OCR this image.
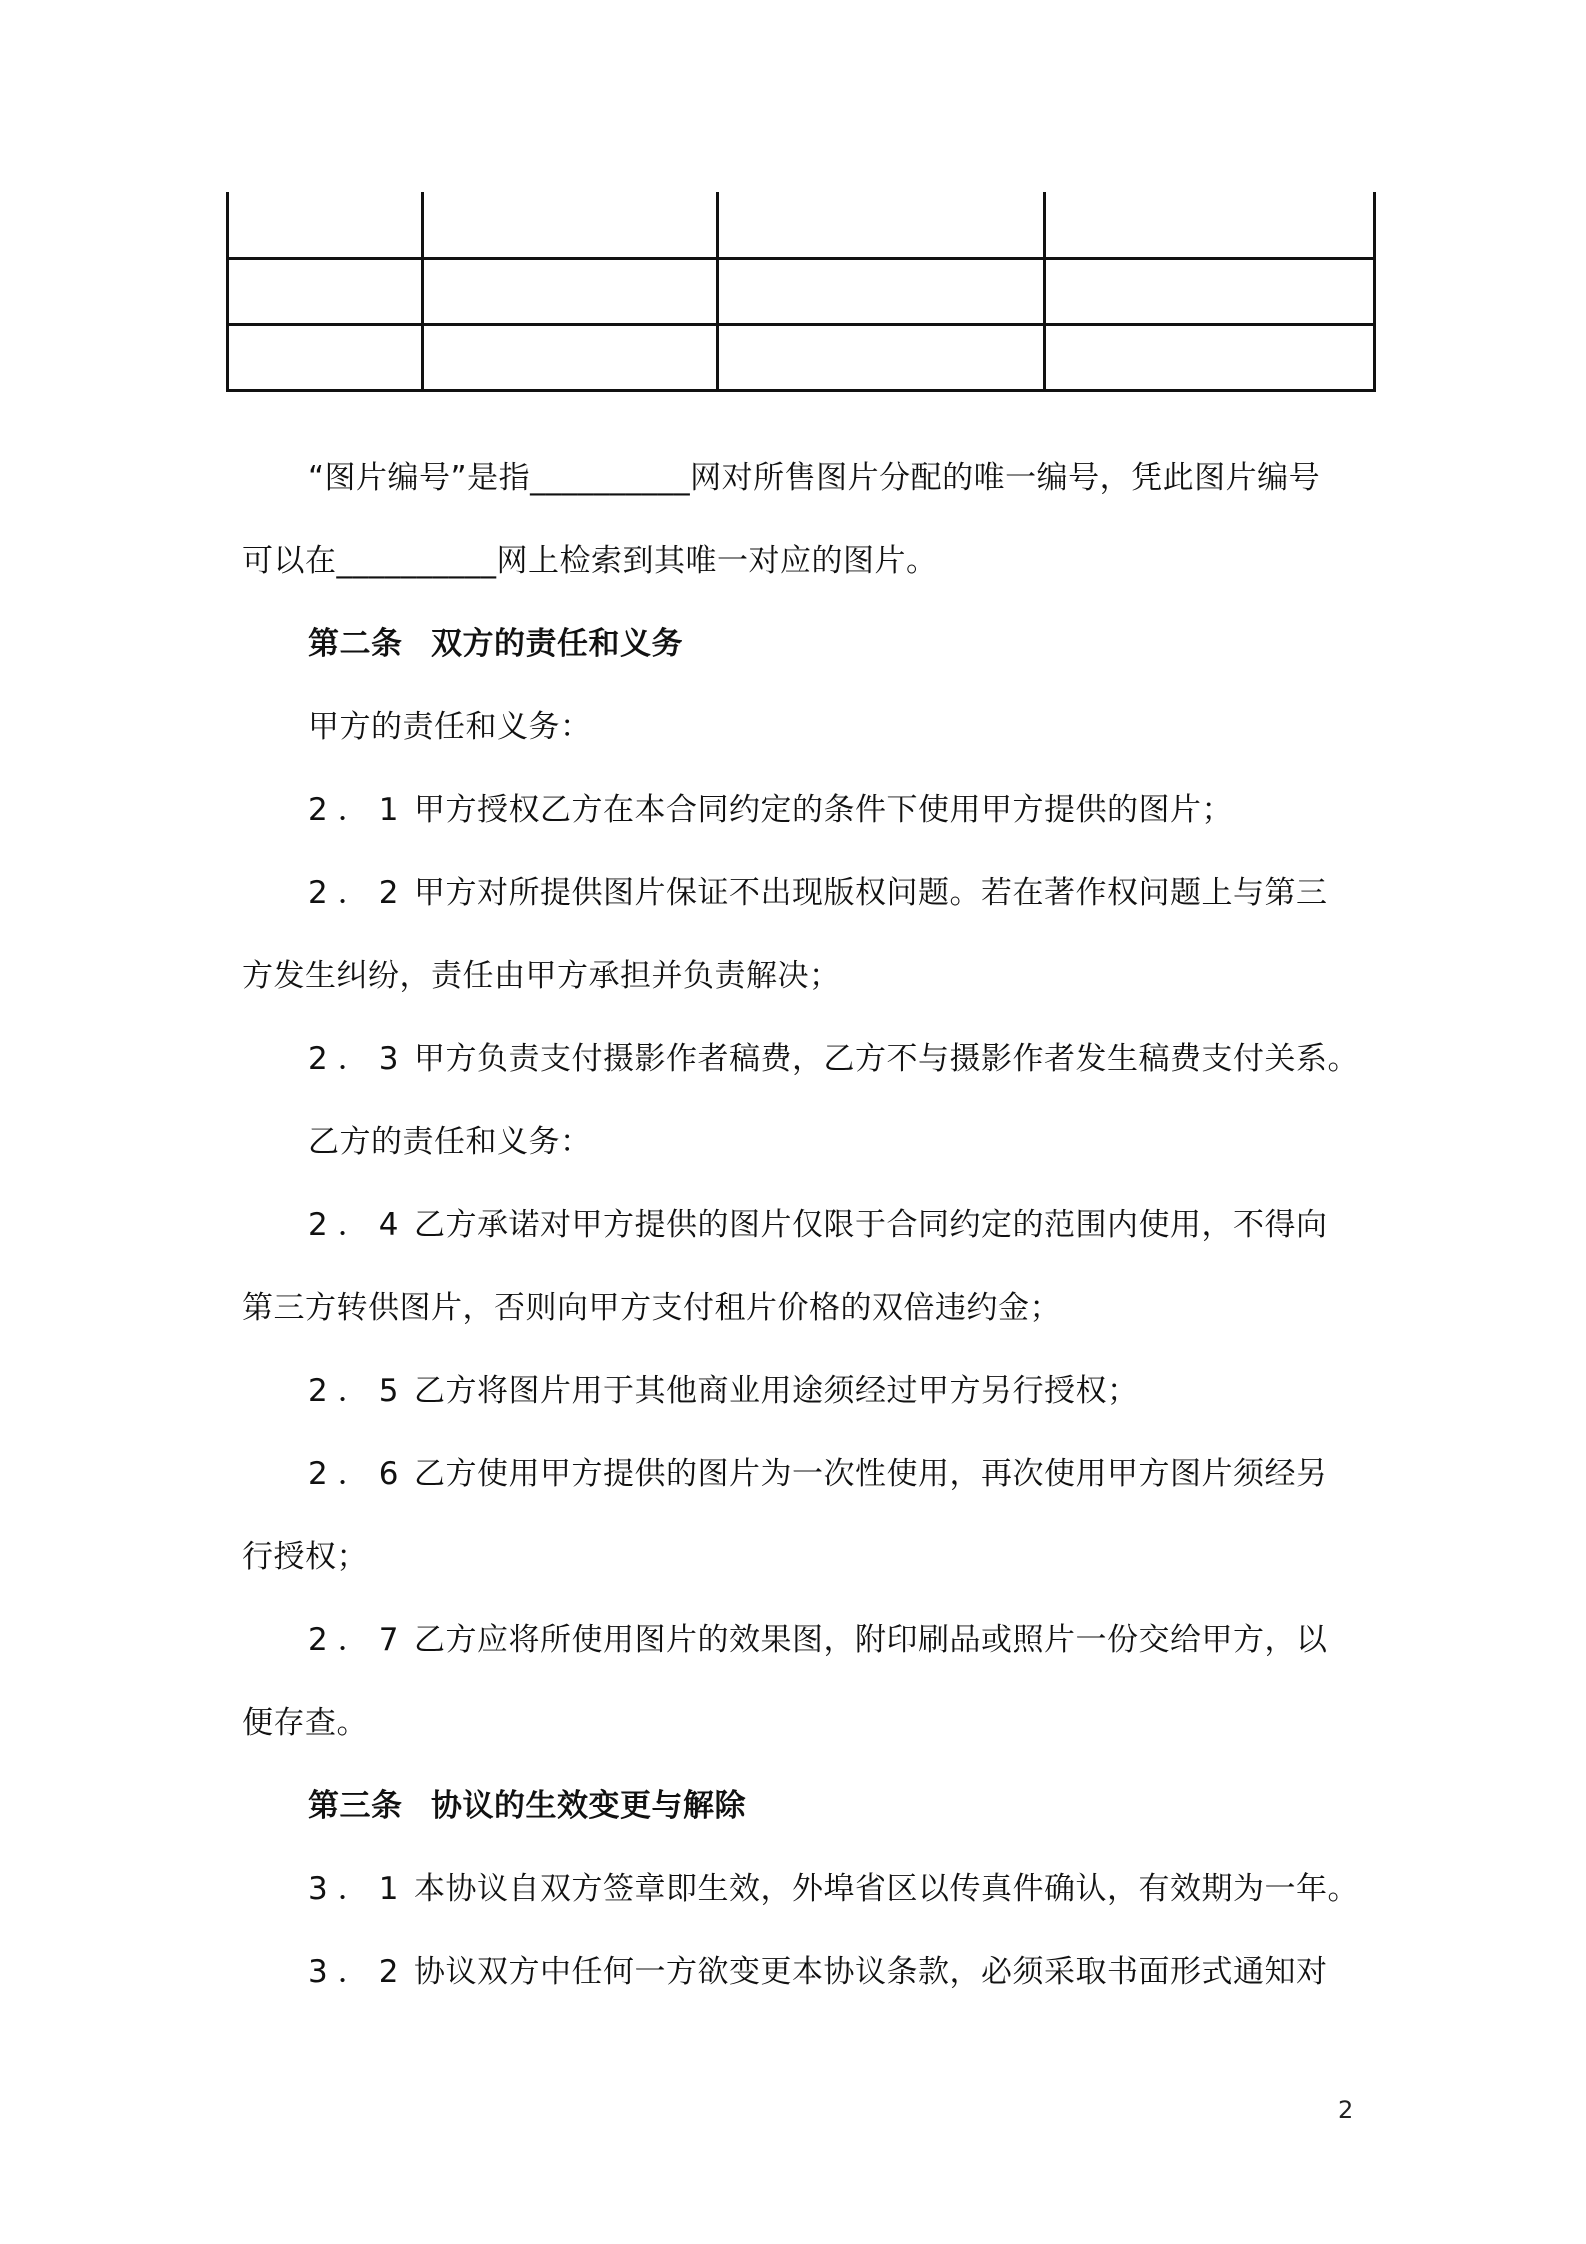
“图片编号”是指__________网对所售图片分配的唯一编号，凭此图片编号
可以在__________网上检索到其唯一对应的图片。
第二条 双方的责任和义务
甲方的责任和义务：
2．1 甲方授权乙方在本合同约定的条件下使用甲方提供的图片；
2．2 甲方对所提供图片保证不出现版权问题。若在著作权问题上与第三
方发生纠纷，责任由甲方承担并负责解决；
2．3 甲方负责支付摄影作者稿费，乙方不与摄影作者发生稿费支付关系。
乙方的责任和义务：
2．4 乙方承诺对甲方提供的图片仅限于合同约定的范围内使用，不得向
第三方转供图片，否则向甲方支付租片价格的双倍违约金；
2．5 乙方将图片用于其他商业用途须经过甲方另行授权；
2．6 乙方使用甲方提供的图片为一次性使用，再次使用甲方图片须经另
行授权；
2．7 乙方应将所使用图片的效果图，附印刷品或照片一份交给甲方，以
便存查。
第三条 协议的生效变更与解除
3．1 本协议自双方签章即生效，外埠省区以传真件确认，有效期为一年。
3．2 协议双方中任何一方欲变更本协议条款，必须采取书面形式通知对
2
